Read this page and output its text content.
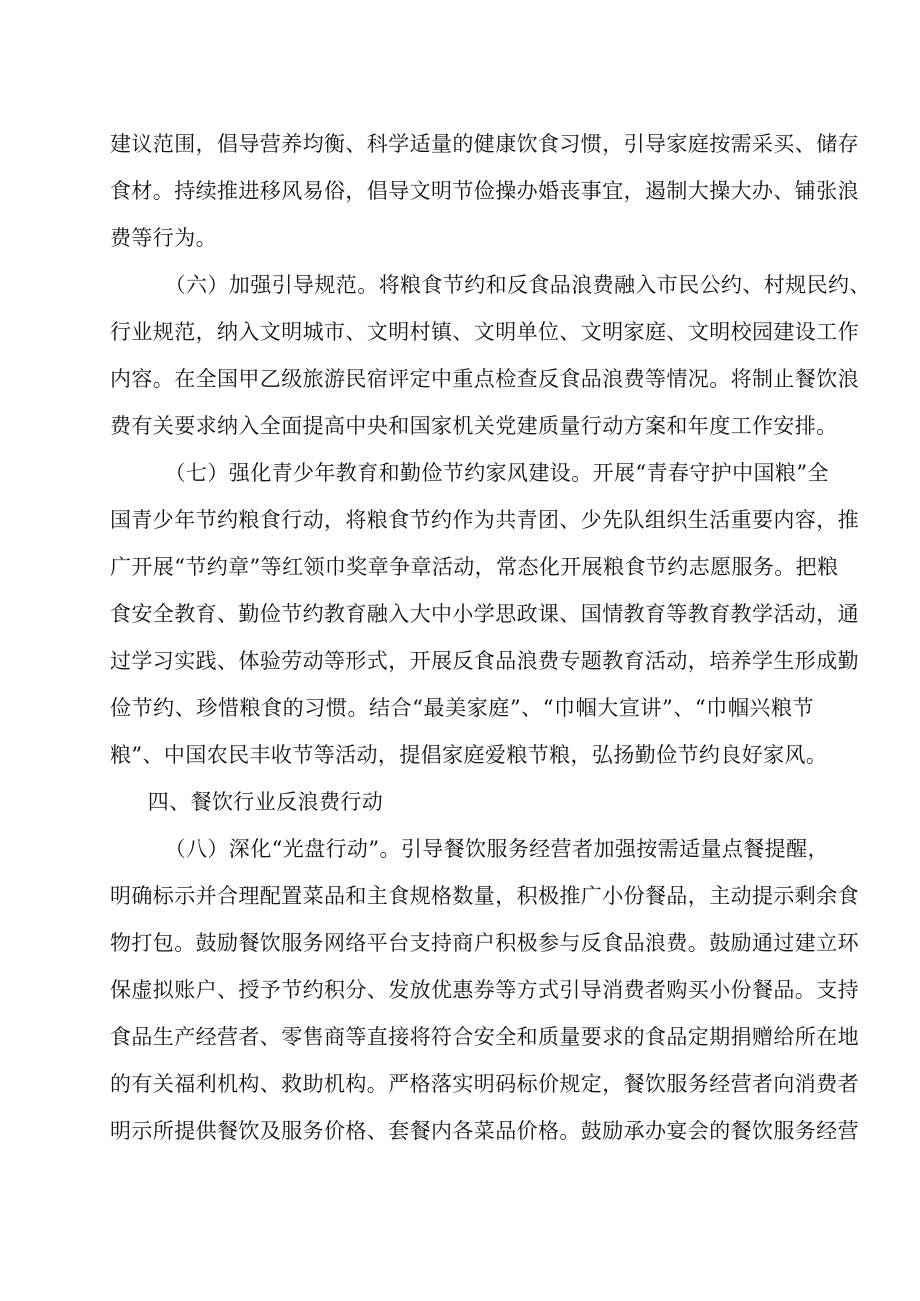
建议范围，倡导营养均衡、科学适量的健康饮食习惯，引导家庭按需采买、储存
食材。持续推进移风易俗，倡导文明节俭操办婚丧事宜，遏制大操大办、铺张浪
费等行为。
（六）加强引导规范。将粮食节约和反食品浪费融入市民公约、村规民约、
行业规范，纳入文明城市、文明村镇、文明单位、文明家庭、文明校园建设工作
内容。在全国甲乙级旅游民宿评定中重点检查反食品浪费等情况。将制止餐饮浪
费有关要求纳入全面提高中央和国家机关党建质量行动方案和年度工作安排。
（七）强化青少年教育和勤俭节约家风建设。开展“青春守护中国粮”全
国青少年节约粮食行动，将粮食节约作为共青团、少先队组织生活重要内容，推
广开展“节约章”等红领巾奖章争章活动，常态化开展粮食节约志愿服务。把粮
食安全教育、勤俭节约教育融入大中小学思政课、国情教育等教育教学活动，通
过学习实践、体验劳动等形式，开展反食品浪费专题教育活动，培养学生形成勤
俭节约、珍惜粮食的习惯。结合“最美家庭”、“巾帼大宣讲”、“巾帼兴粮节
粮”、中国农民丰收节等活动，提倡家庭爱粮节粮，弘扬勤俭节约良好家风。
四、餐饮行业反浪费行动
（八）深化“光盘行动”。引导餐饮服务经营者加强按需适量点餐提醒，
明确标示并合理配置菜品和主食规格数量，积极推广小份餐品，主动提示剩余食
物打包。鼓励餐饮服务网络平台支持商户积极参与反食品浪费。鼓励通过建立环
保虚拟账户、授予节约积分、发放优惠券等方式引导消费者购买小份餐品。支持
食品生产经营者、零售商等直接将符合安全和质量要求的食品定期捐赠给所在地
的有关福利机构、救助机构。严格落实明码标价规定，餐饮服务经营者向消费者
明示所提供餐饮及服务价格、套餐内各菜品价格。鼓励承办宴会的餐饮服务经营
